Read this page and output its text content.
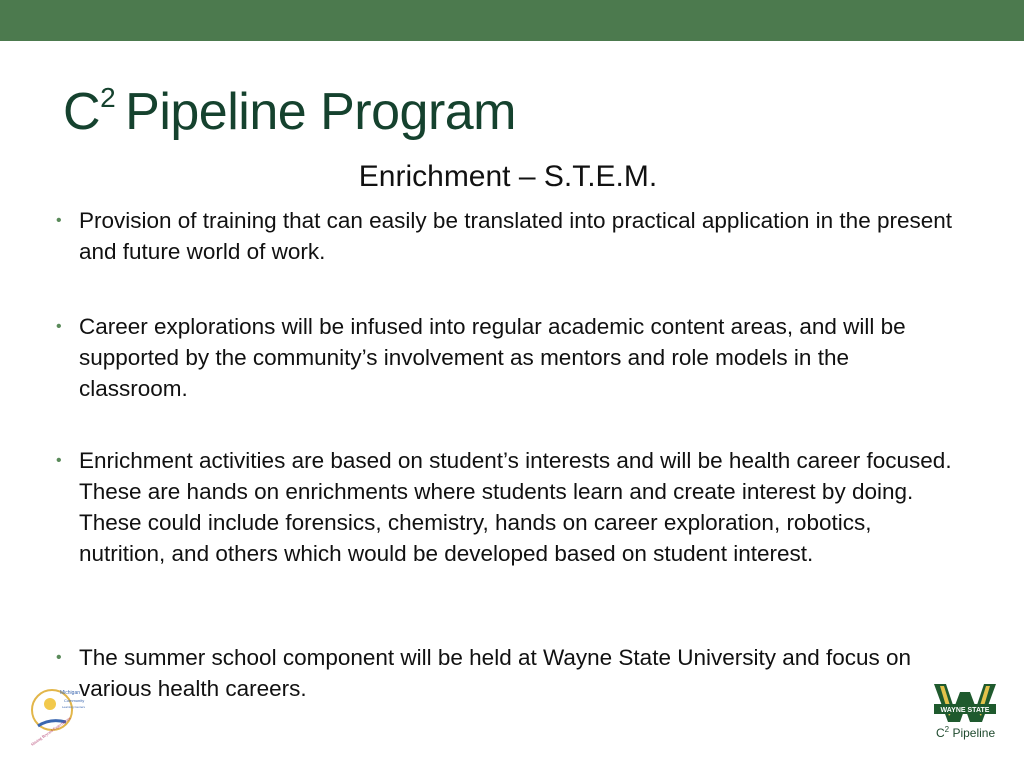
$C^2$ Pipeline Program
Enrichment – S.T.E.M.
• Provision of training that can easily be translated into practical application in the present and future world of work.
• Career explorations will be infused into regular academic content areas, and will be supported by the community’s involvement as mentors and role models in the classroom.
• Enrichment activities are based on student’s interests and will be health career focused. These are hands on enrichments where students learn and create interest by doing. These could include forensics, chemistry, hands on career exploration, robotics, nutrition, and others which would be developed based on student interest.
• The summer school component will be held at Wayne State University and focus on various health careers.
Michigan
Community
Learning Centers
Shining Beyond Expectations
WAYNE STATE
$C^2$ Pipeline
